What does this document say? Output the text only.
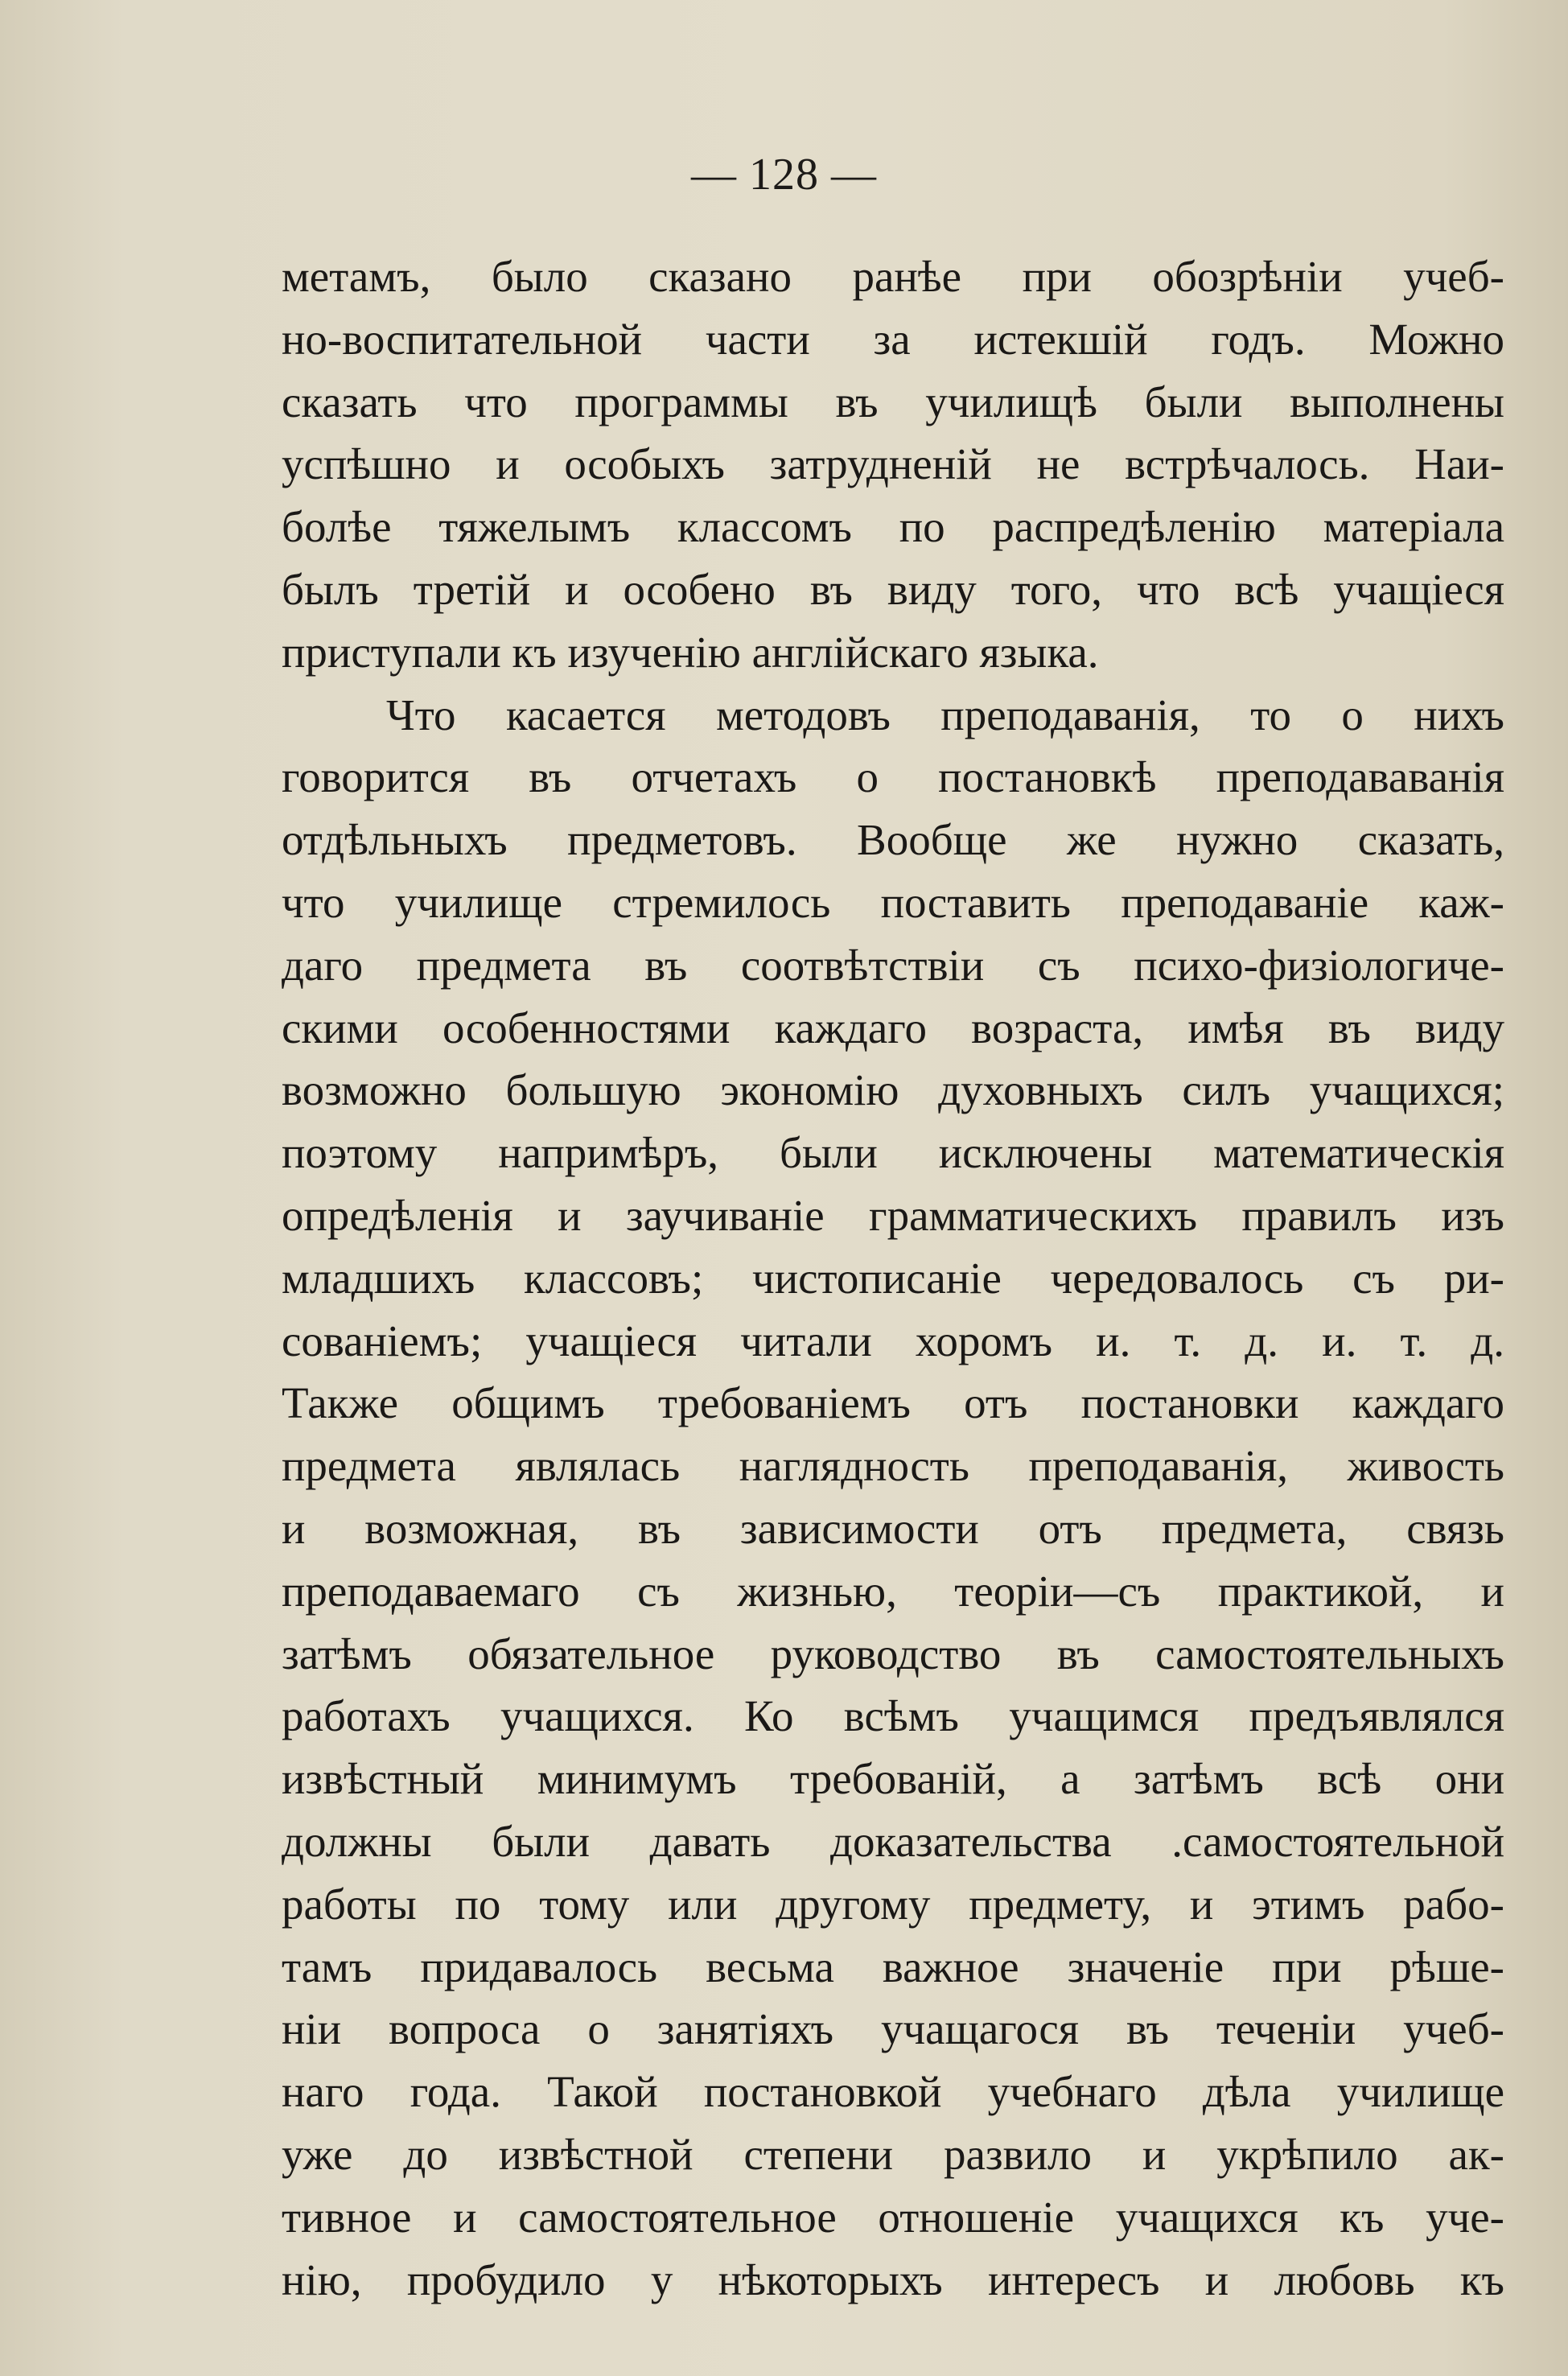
— 128 —
метамъ, было сказано ранѣе при обозрѣніи учеб-
но-воспитательной части за истекшій годъ. Можно
сказать что программы въ училищѣ были выполнены
успѣшно и особыхъ затрудненій не встрѣчалось. Наи-
болѣе тяжелымъ классомъ по распредѣленію матеріала
былъ третій и особено въ виду того, что всѣ учащіеся
приступали къ изученію англійскаго языка.
Что касается методовъ преподаванія, то о нихъ
говорится въ отчетахъ о постановкѣ преподававанія
отдѣльныхъ предметовъ. Вообще же нужно сказать,
что училище стремилось поставить преподаваніе каж-
даго предмета въ соотвѣтствіи съ психо-физіологиче-
скими особенностями каждаго возраста, имѣя въ виду
возможно большую экономію духовныхъ силъ учащихся;
поэтому напримѣръ, были исключены математическія
опредѣленія и заучиваніе грамматическихъ правилъ изъ
младшихъ классовъ; чистописаніе чередовалось съ ри-
сованіемъ; учащіеся читали хоромъ и. т. д. и. т. д.
Также общимъ требованіемъ отъ постановки каждаго
предмета являлась наглядность преподаванія, живость
и возможная, въ зависимости отъ предмета, связь
преподаваемаго съ жизнью, теоріи—съ практикой, и
затѣмъ обязательное руководство въ самостоятельныхъ
работахъ учащихся. Ко всѣмъ учащимся предъявлялся
извѣстный минимумъ требованій, а затѣмъ всѣ они
должны были давать доказательства .самостоятельной
работы по тому или другому предмету, и этимъ рабо-
тамъ придавалось весьма важное значеніе при рѣше-
ніи вопроса о занятіяхъ учащагося въ теченіи учеб-
наго года. Такой постановкой учебнаго дѣла училище
уже до извѣстной степени развило и укрѣпило ак-
тивное и самостоятельное отношеніе учащихся къ уче-
нію, пробудило у нѣкоторыхъ интересъ и любовь къ
